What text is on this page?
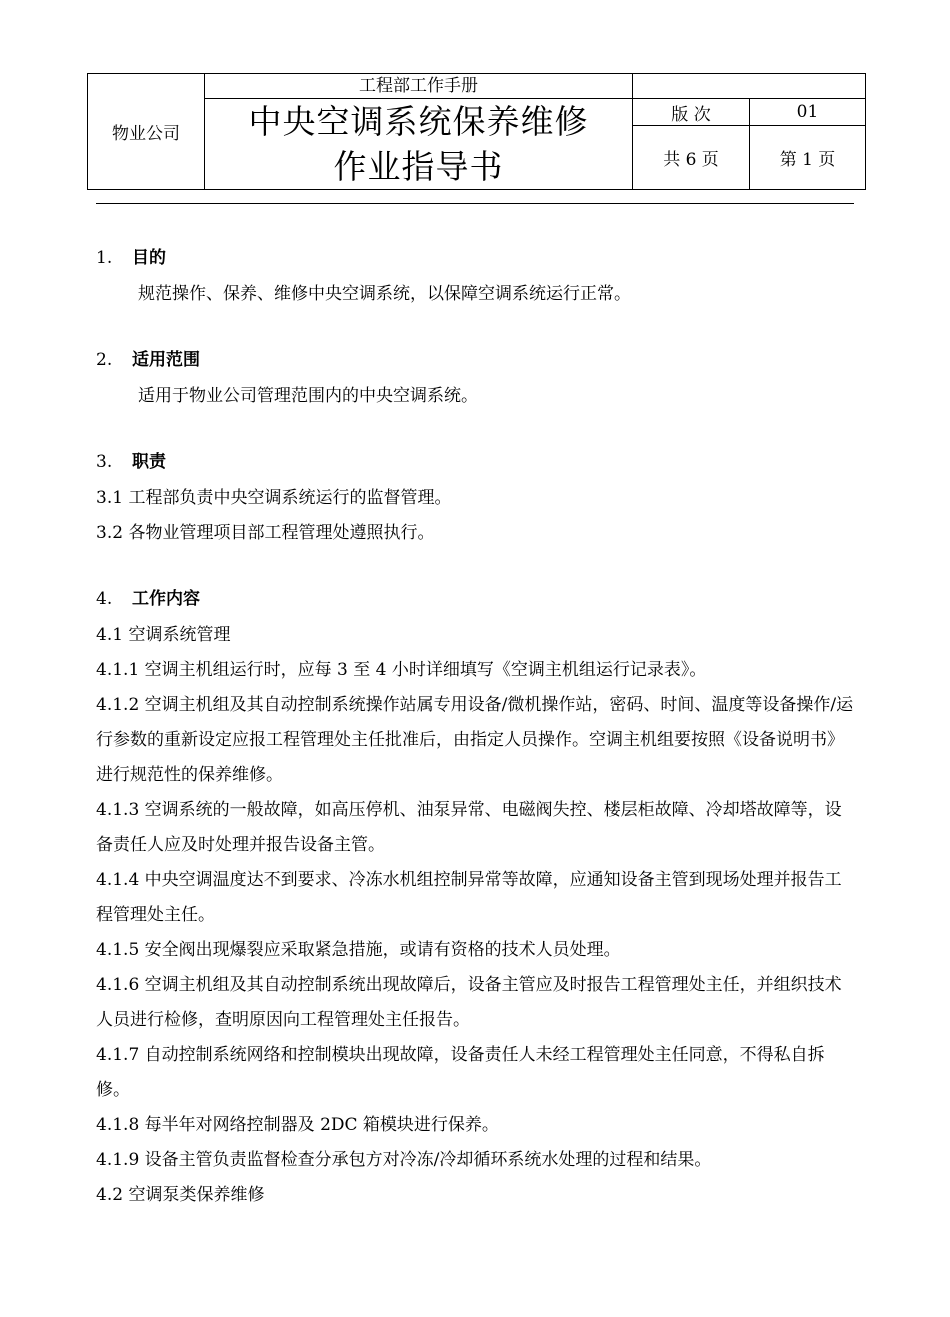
物业公司	工程部工作手册		

	中央空调系统保养维修
作业指导书	版 次	01
		共 6 页	第 1 页
1. 目的
规范操作、保养、维修中央空调系统，以保障空调系统运行正常。
2. 适用范围
适用于物业公司管理范围内的中央空调系统。
3. 职责
3.1 工程部负责中央空调系统运行的监督管理。
3.2 各物业管理项目部工程管理处遵照执行。
4. 工作内容
4.1 空调系统管理
4.1.1 空调主机组运行时，应每 3 至 4 小时详细填写《空调主机组运行记录表》。
4.1.2 空调主机组及其自动控制系统操作站属专用设备/微机操作站，密码、时间、温度等设备操作/运行参数的重新设定应报工程管理处主任批准后，由指定人员操作。空调主机组要按照《设备说明书》进行规范性的保养维修。
4.1.3 空调系统的一般故障，如高压停机、油泵异常、电磁阀失控、楼层柜故障、冷却塔故障等，设备责任人应及时处理并报告设备主管。
4.1.4 中央空调温度达不到要求、冷冻水机组控制异常等故障，应通知设备主管到现场处理并报告工程管理处主任。
4.1.5 安全阀出现爆裂应采取紧急措施，或请有资格的技术人员处理。
4.1.6 空调主机组及其自动控制系统出现故障后，设备主管应及时报告工程管理处主任，并组织技术人员进行检修，查明原因向工程管理处主任报告。
4.1.7 自动控制系统网络和控制模块出现故障，设备责任人未经工程管理处主任同意，不得私自拆修。
4.1.8 每半年对网络控制器及 2DC 箱模块进行保养。
4.1.9 设备主管负责监督检查分承包方对冷冻/冷却循环系统水处理的过程和结果。
4.2 空调泵类保养维修
